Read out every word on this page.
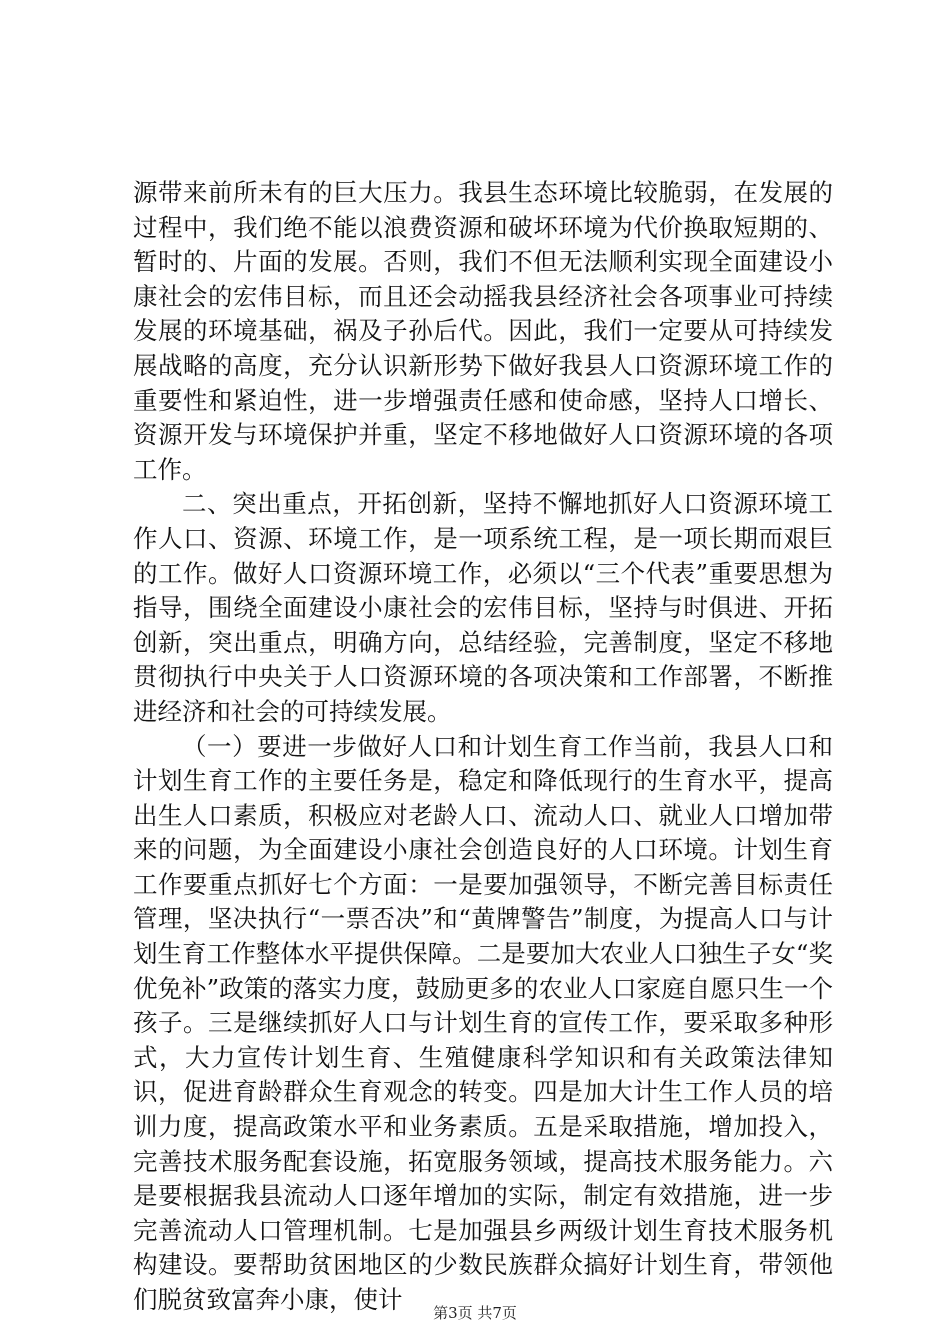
源带来前所未有的巨大压力。我县生态环境比较脆弱，在发展的过程中，我们绝不能以浪费资源和破坏环境为代价换取短期的、暂时的、片面的发展。否则，我们不但无法顺利实现全面建设小康社会的宏伟目标，而且还会动摇我县经济社会各项事业可持续发展的环境基础，祸及子孙后代。因此，我们一定要从可持续发展战略的高度，充分认识新形势下做好我县人口资源环境工作的重要性和紧迫性，进一步增强责任感和使命感，坚持人口增长、资源开发与环境保护并重，坚定不移地做好人口资源环境的各项工作。

二、突出重点，开拓创新，坚持不懈地抓好人口资源环境工作人口、资源、环境工作，是一项系统工程，是一项长期而艰巨的工作。做好人口资源环境工作，必须以“三个代表”重要思想为指导，围绕全面建设小康社会的宏伟目标，坚持与时俱进、开拓创新，突出重点，明确方向，总结经验，完善制度，坚定不移地贯彻执行中央关于人口资源环境的各项决策和工作部署，不断推进经济和社会的可持续发展。

（一）要进一步做好人口和计划生育工作当前，我县人口和计划生育工作的主要任务是，稳定和降低现行的生育水平，提高出生人口素质，积极应对老龄人口、流动人口、就业人口增加带来的问题，为全面建设小康社会创造良好的人口环境。计划生育工作要重点抓好七个方面：一是要加强领导，不断完善目标责任管理，坚决执行“一票否决”和“黄牌警告”制度，为提高人口与计划生育工作整体水平提供保障。二是要加大农业人口独生子女“奖优免补”政策的落实力度，鼓励更多的农业人口家庭自愿只生一个孩子。三是继续抓好人口与计划生育的宣传工作，要采取多种形式，大力宣传计划生育、生殖健康科学知识和有关政策法律知识，促进育龄群众生育观念的转变。四是加大计生工作人员的培训力度，提高政策水平和业务素质。五是采取措施，增加投入，完善技术服务配套设施，拓宽服务领域，提高技术服务能力。六是要根据我县流动人口逐年增加的实际，制定有效措施，进一步完善流动人口管理机制。七是加强县乡两级计划生育技术服务机构建设。要帮助贫困地区的少数民族群众搞好计划生育，带领他们脱贫致富奔小康，使计	第3页 共7页
